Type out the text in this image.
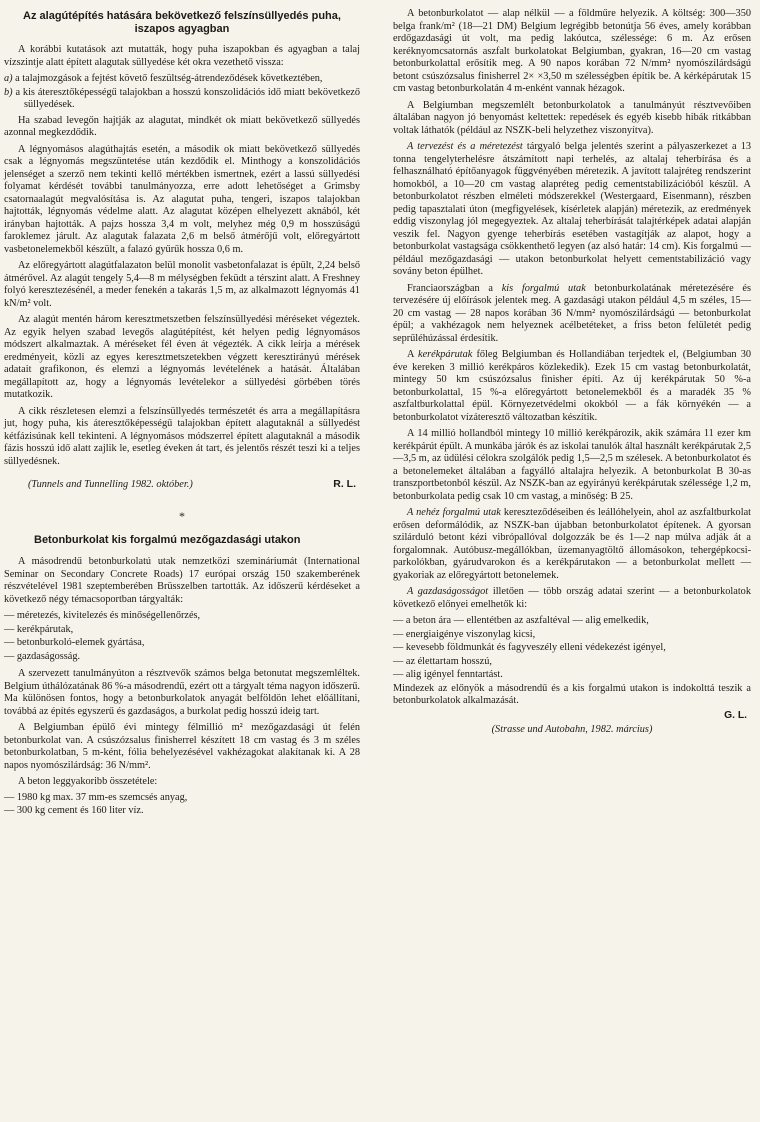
Az alagútépítés hatására bekövetkező felszínsüllyedés puha, iszapos agyagban

A korábbi kutatások azt mutatták, hogy puha iszapokban és agyagban a talaj vízszintje alatt épített alagutak süllyedése két okra vezethető vissza:

a) a talajmozgások a fejtést követő feszültség-átrendeződések következtében,
b) a kis áteresztőképességű talajokban a hosszú konszolidációs idő miatt bekövetkező süllyedések.

Ha szabad levegőn hajtják az alagutat, mindkét ok miatt bekövetkező süllyedés azonnal megkezdődik.

A légnyomásos alagúthajtás esetén, a második ok miatt bekövetkező süllyedés csak a légnyomás megszüntetése után kezdődik el. Minthogy a konszolidációs jelenséget a szerző nem tekinti kellő mértékben ismertnek, ezért a lassú süllyedési folyamat kérdését további tanulmányozza, erre adott lehetőséget a Grimsby csatornaalagút megvalósítása is. Az alagutat puha, tengeri, iszapos talajokban hajtották, légnyomás védelme alatt. Az alagutat középen elhelyezett aknából, két irányban hajtották. A pajzs hossza 3,4 m volt, melyhez még 0,9 m hosszúságú faroklemez járult. Az alagutak falazata 2,6 m belső átmérőjű volt, előregyártott vasbetonelemekből készült, a falazó gyűrűk hossza 0,6 m.

Az előregyártott alagútfalazaton belül monolit vasbetonfalazat is épült, 2,24 belső átmérővel. Az alagút tengely 5,4—8 m mélységben feküdt a térszint alatt. A Freshney folyó keresztezésénél, a meder fenekén a takarás 1,5 m, az alkalmazott légnyomás 41 kN/m² volt.

Az alagút mentén három keresztmetszetben felszínsüllyedési méréseket végeztek. Az egyik helyen szabad levegős alagútépítést, két helyen pedig légnyomásos módszert alkalmaztak. A méréseket fél éven át végezték. A cikk leírja a mérések eredményeit, közli az egyes keresztmetszetekben végzett keresztirányú mérések adatait grafikonon, és elemzi a légnyomás levételének a hatását. Általában megállapított az, hogy a légnyomás levételekor a süllyedési görbében törés mutatkozik.

A cikk részletesen elemzi a felszínsüllyedés természetét és arra a megállapításra jut, hogy puha, kis áteresztőképességű talajokban épített alagutaknál a süllyedést kétfázisúnak kell tekinteni. A légnyomásos módszerrel épített alagutaknál a második fázis hosszú idő alatt zajlik le, esetleg éveken át tart, és jelentős részét teszi ki a teljes süllyedésnek.

(Tunnels and Tunnelling 1982. október.)	R. L.
*
Betonburkolat kis forgalmú mezőgazdasági utakon

A másodrendű betonburkolatú utak nemzetközi szemináriumát (International Seminar on Secondary Concrete Roads) 17 európai ország 150 szakemberének részvételével 1981 szeptemberében Brüsszelben tartották. Az időszerű kérdéseket a következő négy témacsoportban tárgyalták:

— méretezés, kivitelezés és minőségellenőrzés,
— kerékpárutak,
— betonburkoló-elemek gyártása,
— gazdaságosság.

A szervezett tanulmányúton a résztvevők számos belga betonutat megszemléltek. Belgium úthálózatának 86 %-a másodrendű, ezért ott a tárgyalt téma nagyon időszerű. Ma különösen fontos, hogy a betonburkolatok anyagát belföldön lehet előállítani, továbbá az építés egyszerű és gazdaságos, a burkolat pedig hosszú ideig tart.

A Belgiumban épülő évi mintegy félmillió m² mezőgazdasági út felén betonburkolat van. A csúszózsalus finisherrel készített 18 cm vastag és 3 m széles betonburkolatban, 5 m-ként, fólia behelyezésével vakhézagokat alakítanak ki. A 28 napos nyomószilárdság: 36 N/mm².

A beton leggyakoribb összetétele:

— 1980 kg max. 37 mm-es szemcsés anyag,
— 300 kg cement és 160 liter víz.

A betonburkolatot — alap nélkül — a földműre helyezik. A költség: 300—350 belga frank/m² (18—21 DM) Belgium legrégibb betonútja 56 éves, amely korábban erdőgazdasági út volt, ma pedig lakóutca, szélessége: 6 m. Az erősen keréknyomcsatornás aszfalt burkolatokat Belgiumban, gyakran, 16—20 cm vastag betonburkolattal erősítik meg. A 90 napos korában 72 N/mm² nyomószilárdságú betont csúszózsalus finisherrel 2× ×3,50 m szélességben építik be. A kérképárutak 15 cm vastag betonburkolatán 4 m-enként vannak hézagok.

A Belgiumban megszemlélt betonburkolatok a tanulmányút résztvevőiben általában nagyon jó benyomást keltettek: repedések és egyéb kisebb hibák ritkábban voltak láthatók (például az NSZK-beli helyzethez viszonyítva).

A tervezést és a méretezést tárgyaló belga jelentés szerint a pályaszerkezet a 13 tonna tengelyterhelésre átszámított napi terhelés, az altalaj teherbírása és a felhasználható építőanyagok függvényében méretezik. A javított talajréteg rendszerint homokból, a 10—20 cm vastag alapréteg pedig cementstabilizációból készül. A betonburkolatot részben elméleti módszerekkel (Westergaard, Eisenmann), részben pedig tapasztalati úton (megfigyelések, kísérletek alapján) méretezik, az eredmények eddig viszonylag jól megegyeztek. Az altalaj teherbírását talajtérképek adatai alapján veszik fel. Nagyon gyenge teherbírás esetében vastagítják az alapot, hogy a betonburkolat vastagsága csökkenthető legyen (az alsó határ: 14 cm). Kis forgalmú — például mezőgazdasági — utakon betonburkolat helyett cementstabilizáció vagy sovány beton épülhet.

Franciaországban a kis forgalmú utak betonburkolatának méretezésére és tervezésére új előírások jelentek meg. A gazdasági utakon például 4,5 m széles, 15—20 cm vastag — 28 napos korában 36 N/mm² nyomószilárdságú — betonburkolat épül; a vakhézagok nem helyeznek acélbetéteket, a friss beton felületét pedig seprűléhúzással érdesítik.

A kerékpárutak főleg Belgiumban és Hollandiában terjedtek el, (Belgiumban 30 éve kereken 3 millió kerékpáros közlekedik). Ezek 15 cm vastag betonburkolatát, mintegy 50 km csúszózsalus finisher építi. Az új kerékpárutak 50 %-a betonburkolattal, 15 %-a előregyártott betonelemekből és a maradék 35 % aszfaltburkolattal épül. Környezetvédelmi okokból — a fák környékén — a betonburkolatot vízáteresztő változatban készítik.

A 14 millió hollandból mintegy 10 millió kerékpározik, akik számára 11 ezer km kerékpárút épült. A munkába járók és az iskolai tanulók által használt kerékpárutak 2,5—3,5 m, az üdülési célokra szolgálók pedig 1,5—2,5 m szélesek. A betonburkolatot és a betonelemeket általában a fagyálló altalajra helyezik. A betonburkolat B 30-as transzportbetonból készül. Az NSZK-ban az egyirányú kerékpárutak szélessége 1,2 m, betonburkolata pedig csak 10 cm vastag, a minőség: B 25.

A nehéz forgalmú utak kereszteződéseiben és leállóhelyein, ahol az aszfaltburkolat erősen deformálódik, az NSZK-ban újabban betonburkolatot építenek. A gyorsan szilárduló betont kézi vibrópallóval dolgozzák be és 1—2 nap múlva adják át a forgalomnak. Autóbusz-megállókban, üzemanyagtöltő állomásokon, tehergépkocsi-parkolókban, gyárudvarokon és a kerékpárutakon — a betonburkolat mellett — gyakoriak az előregyártott betonelemek.

A gazdaságosságot illetően — több ország adatai szerint — a betonburkolatok következő előnyei emelhetők ki:

— a beton ára — ellentétben az aszfaltéval — alig emelkedik,
— energiaigénye viszonylag kicsi,
— kevesebb földmunkát és fagyveszély elleni védekezést igényel,
— az élettartam hosszú,
— alig igényel fenntartást.

Mindezek az előnyök a másodrendű és a kis forgalmú utakon is indokolttá teszik a betonburkolatok alkalmazását.

G. L.
(Strasse und Autobahn, 1982. március)
